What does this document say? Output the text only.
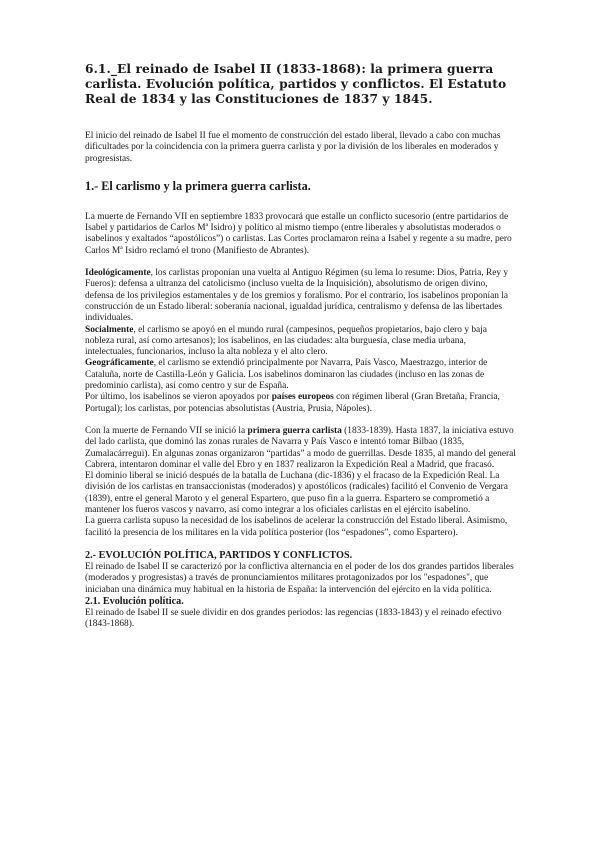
6.1._El reinado de Isabel II (1833-1868): la primera guerra carlista. Evolución política, partidos y conflictos. El Estatuto Real de 1834 y las Constituciones de 1837 y 1845.

El inicio del reinado de Isabel II fue el momento de construcción del estado liberal, llevado a cabo con muchas dificultades por la coincidencia con la primera guerra carlista y por la división de los liberales en moderados y progresistas.

1.- El carlismo y la primera guerra carlista.

La muerte de Fernando VII en septiembre 1833 provocará que estalle un conflicto sucesorio (entre partidarios de Isabel y partidarios de Carlos Mª Isidro) y político al mismo tiempo (entre liberales y absolutistas moderados o isabelinos y exaltados “apostólicos”) o carlistas. Las Cortes proclamaron reina a Isabel y regente a su madre, pero Carlos Mª Isidro reclamó el trono (Manifiesto de Abrantes).

Ideológicamente, los carlistas proponían una vuelta al Antiguo Régimen (su lema lo resume: Dios, Patria, Rey y Fueros): defensa a ultranza del catolicismo (incluso vuelta de la Inquisición), absolutismo de origen divino, defensa de los privilegios estamentales y de los gremios y foralismo. Por el contrario, los isabelinos proponían la construcción de un Estado liberal: soberanía nacional, igualdad jurídica, centralismo y defensa de las libertades individuales.

Socialmente, el carlismo se apoyó en el mundo rural (campesinos, pequeños propietarios, bajo clero y baja nobleza rural, así como artesanos); los isabelinos, en las ciudades: alta burguesía, clase media urbana, intelectuales, funcionarios, incluso la alta nobleza y el alto clero.

Geográficamente, el carlismo se extendió principalmente por Navarra, País Vasco, Maestrazgo, interior de Cataluña, norte de Castilla-León y Galicia. Los isabelinos dominaron las ciudades (incluso en las zonas de predominio carlista), así como centro y sur de España.

Por último, los isabelinos se vieron apoyados por países europeos con régimen liberal (Gran Bretaña, Francia, Portugal); los carlistas, por potencias absolutistas (Austria, Prusia, Nápoles).

Con la muerte de Fernando VII se inició la primera guerra carlista (1833-1839). Hasta 1837, la iniciativa estuvo del lado carlista, que dominó las zonas rurales de Navarra y País Vasco e intentó tomar Bilbao (1835, Zumalacárregui). En algunas zonas organizaron “partidas” a modo de guerrillas. Desde 1835, al mando del general Cabrera, intentaron dominar el valle del Ebro y en 1837 realizaron la Expedición Real a Madrid, que fracasó.

El dominio liberal se inició después de la batalla de Luchana (dic-1836) y el fracaso de la Expedición Real. La división de los carlistas en transaccionistas (moderados) y apostólicos (radicales) facilitó el Convenio de Vergara (1839), entre el general Maroto y el general Espartero, que puso fin a la guerra. Espartero se comprometió a mantener los fueros vascos y navarro, así como integrar a los oficiales carlistas en el ejército isabelino.

La guerra carlista supuso la necesidad de los isabelinos de acelerar la construcción del Estado liberal. Asimismo, facilitó la presencia de los militares en la vida política posterior (los “espadones”, como Espartero).

2.- EVOLUCIÓN POLÍTICA, PARTIDOS Y CONFLICTOS.

El reinado de Isabel II se caracterizó por la conflictiva alternancia en el poder de los dos grandes partidos liberales (moderados y progresistas) a través de pronunciamientos militares protagonizados por los "espadones", que iniciaban una dinámica muy habitual en la historia de España: la intervención del ejército en la vida política.

2.1. Evolución política.

El reinado de Isabel II se suele dividir en dos grandes periodos: las regencias (1833-1843) y el reinado efectivo (1843-1868).
